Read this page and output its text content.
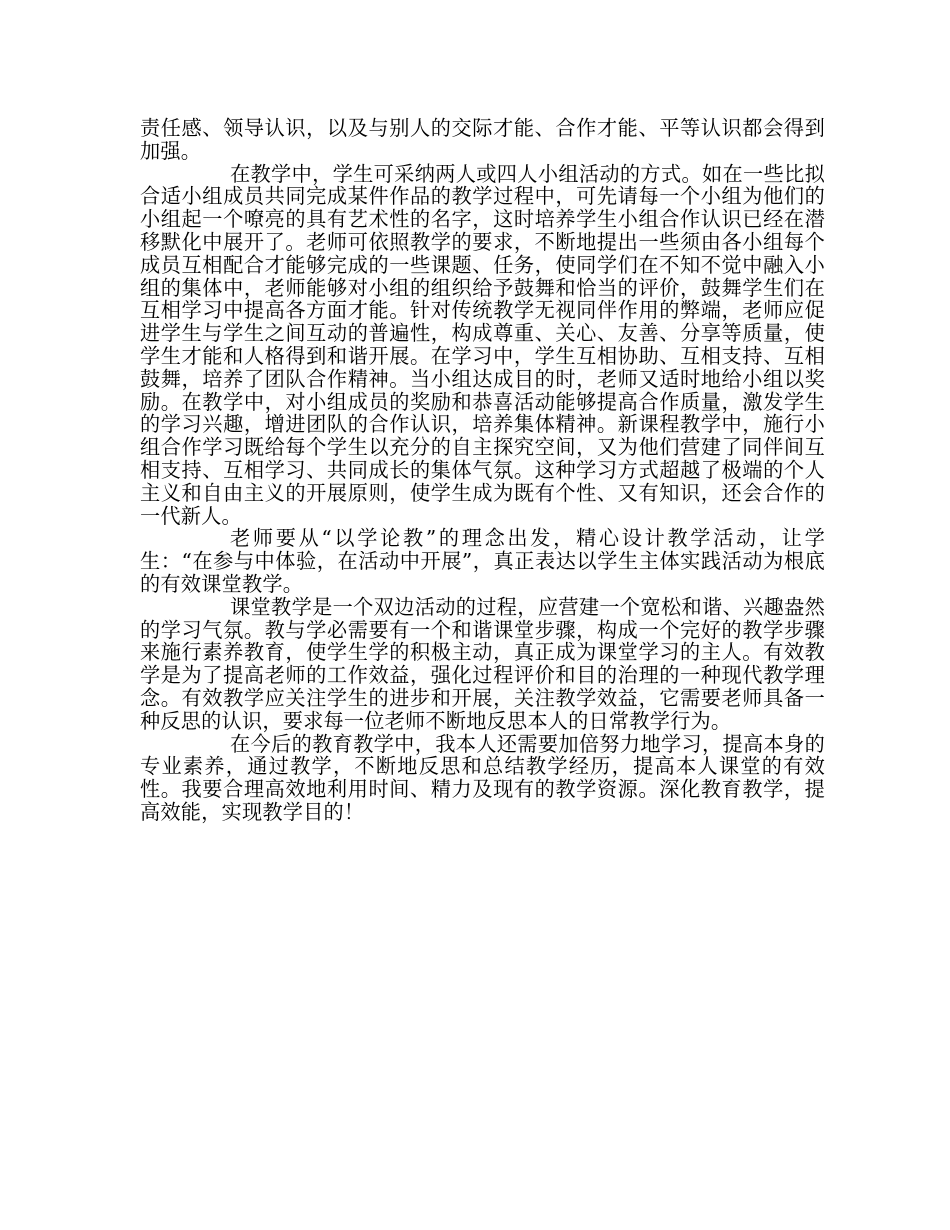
责任感、领导认识，以及与别人的交际才能、合作才能、平等认识都会得到加强。

在教学中，学生可采纳两人或四人小组活动的方式。如在一些比拟合适小组成员共同完成某件作品的教学过程中，可先请每一个小组为他们的小组起一个嘹亮的具有艺术性的名字，这时培养学生小组合作认识已经在潜移默化中展开了。老师可依照教学的要求，不断地提出一些须由各小组每个成员互相配合才能够完成的一些课题、任务，使同学们在不知不觉中融入小组的集体中，老师能够对小组的组织给予鼓舞和恰当的评价，鼓舞学生们在互相学习中提高各方面才能。针对传统教学无视同伴作用的弊端，老师应促进学生与学生之间互动的普遍性，构成尊重、关心、友善、分享等质量，使学生才能和人格得到和谐开展。在学习中，学生互相协助、互相支持、互相鼓舞，培养了团队合作精神。当小组达成目的时，老师又适时地给小组以奖励。在教学中，对小组成员的奖励和恭喜活动能够提高合作质量，激发学生的学习兴趣，增进团队的合作认识，培养集体精神。新课程教学中，施行小组合作学习既给每个学生以充分的自主探究空间，又为他们营建了同伴间互相支持、互相学习、共同成长的集体气氛。这种学习方式超越了极端的个人主义和自由主义的开展原则，使学生成为既有个性、又有知识，还会合作的一代新人。

老师要从“以学论教”的理念出发，精心设计教学活动，让学生：“在参与中体验，在活动中开展”，真正表达以学生主体实践活动为根底的有效课堂教学。

课堂教学是一个双边活动的过程，应营建一个宽松和谐、兴趣盎然的学习气氛。教与学必需要有一个和谐课堂步骤，构成一个完好的教学步骤来施行素养教育，使学生学的积极主动，真正成为课堂学习的主人。有效教学是为了提高老师的工作效益，强化过程评价和目的治理的一种现代教学理念。有效教学应关注学生的进步和开展，关注教学效益，它需要老师具备一种反思的认识，要求每一位老师不断地反思本人的日常教学行为。

在今后的教育教学中，我本人还需要加倍努力地学习，提高本身的专业素养，通过教学，不断地反思和总结教学经历，提高本人课堂的有效性。我要合理高效地利用时间、精力及现有的教学资源。深化教育教学，提高效能，实现教学目的！
